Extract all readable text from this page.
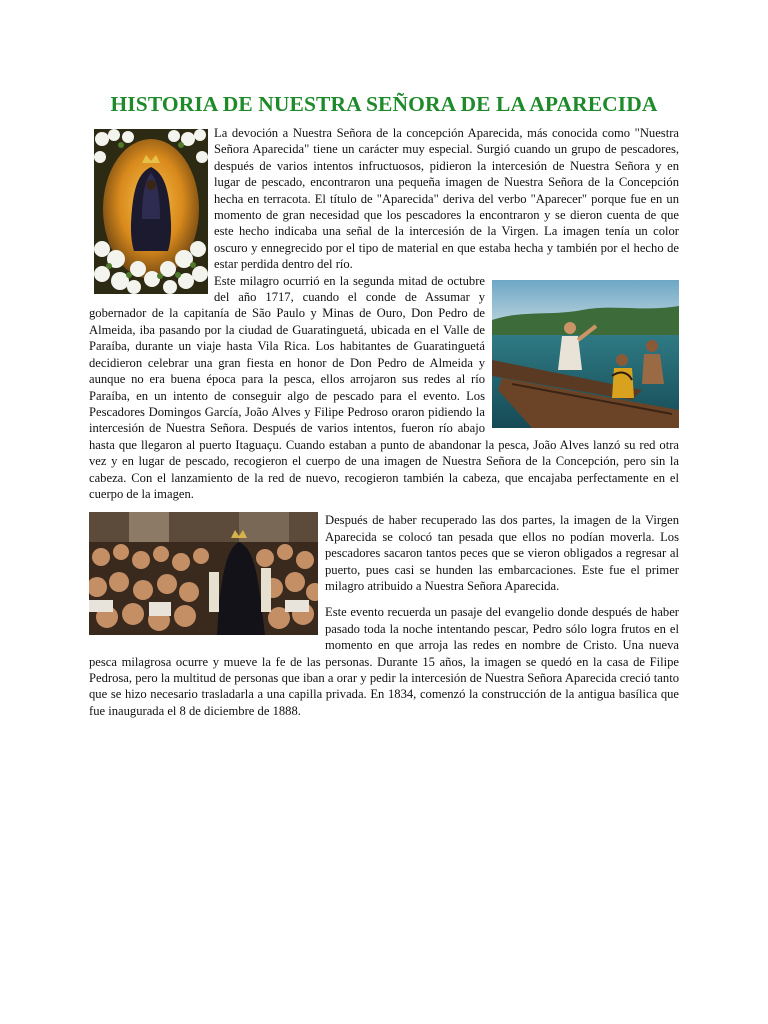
HISTORIA DE NUESTRA SEÑORA DE LA APARECIDA

La devoción a Nuestra Señora de la concepción Aparecida, más conocida como "Nuestra Señora Aparecida" tiene un carácter muy especial. Surgió cuando un grupo de pescadores, después de varios intentos infructuosos, pidieron la intercesión de Nuestra Señora y en lugar de pescado, encontraron una pequeña imagen de Nuestra Señora de la Concepción hecha en terracota. El título de "Aparecida" deriva del verbo "Aparecer" porque fue en un momento de gran necesidad que los pescadores la encontraron y se dieron cuenta de que este hecho indicaba una señal de la intercesión de la Virgen. La imagen tenía un color oscuro y ennegrecido por el tipo de material en que estaba hecha y también por el hecho de estar perdida dentro del río.

Este milagro ocurrió en la segunda mitad de octubre del año 1717, cuando el conde de Assumar y gobernador de la capitanía de São Paulo y Minas de Ouro, Don Pedro de Almeida, iba pasando por la ciudad de Guaratinguetá, ubicada en el Valle de Paraíba, durante un viaje hasta Vila Rica. Los habitantes de Guaratinguetá decidieron celebrar una gran fiesta en honor de Don Pedro de Almeida y aunque no era buena época para la pesca, ellos arrojaron sus redes al río Paraíba, en un intento de conseguir algo de pescado para el evento. Los Pescadores Domingos García, João Alves y Filipe Pedroso oraron pidiendo la intercesión de Nuestra Señora. Después de varios intentos, fueron río abajo hasta que llegaron al puerto Itaguaçu. Cuando estaban a punto de abandonar la pesca, João Alves lanzó su red otra vez y en lugar de pescado, recogieron el cuerpo de una imagen de Nuestra Señora de la Concepción, pero sin la cabeza. Con el lanzamiento de la red de nuevo, recogieron también la cabeza, que encajaba perfectamente en el cuerpo de la imagen.

Después de haber recuperado las dos partes, la imagen de la Virgen Aparecida se colocó tan pesada que ellos no podían moverla. Los pescadores sacaron tantos peces que se vieron obligados a regresar al puerto, pues casi se hunden las embarcaciones. Este fue el primer milagro atribuido a Nuestra Señora Aparecida.

Este evento recuerda un pasaje del evangelio donde después de haber pasado toda la noche intentando pescar, Pedro sólo logra frutos en el momento en que arroja las redes en nombre de Cristo. Una nueva pesca milagrosa ocurre y mueve la fe de las personas. Durante 15 años, la imagen se quedó en la casa de Filipe Pedrosa, pero la multitud de personas que iban a orar y pedir la intercesión de Nuestra Señora Aparecida creció tanto que se hizo necesario trasladarla a una capilla privada. En 1834, comenzó la construcción de la antigua basílica que fue inaugurada el 8 de diciembre de 1888.
